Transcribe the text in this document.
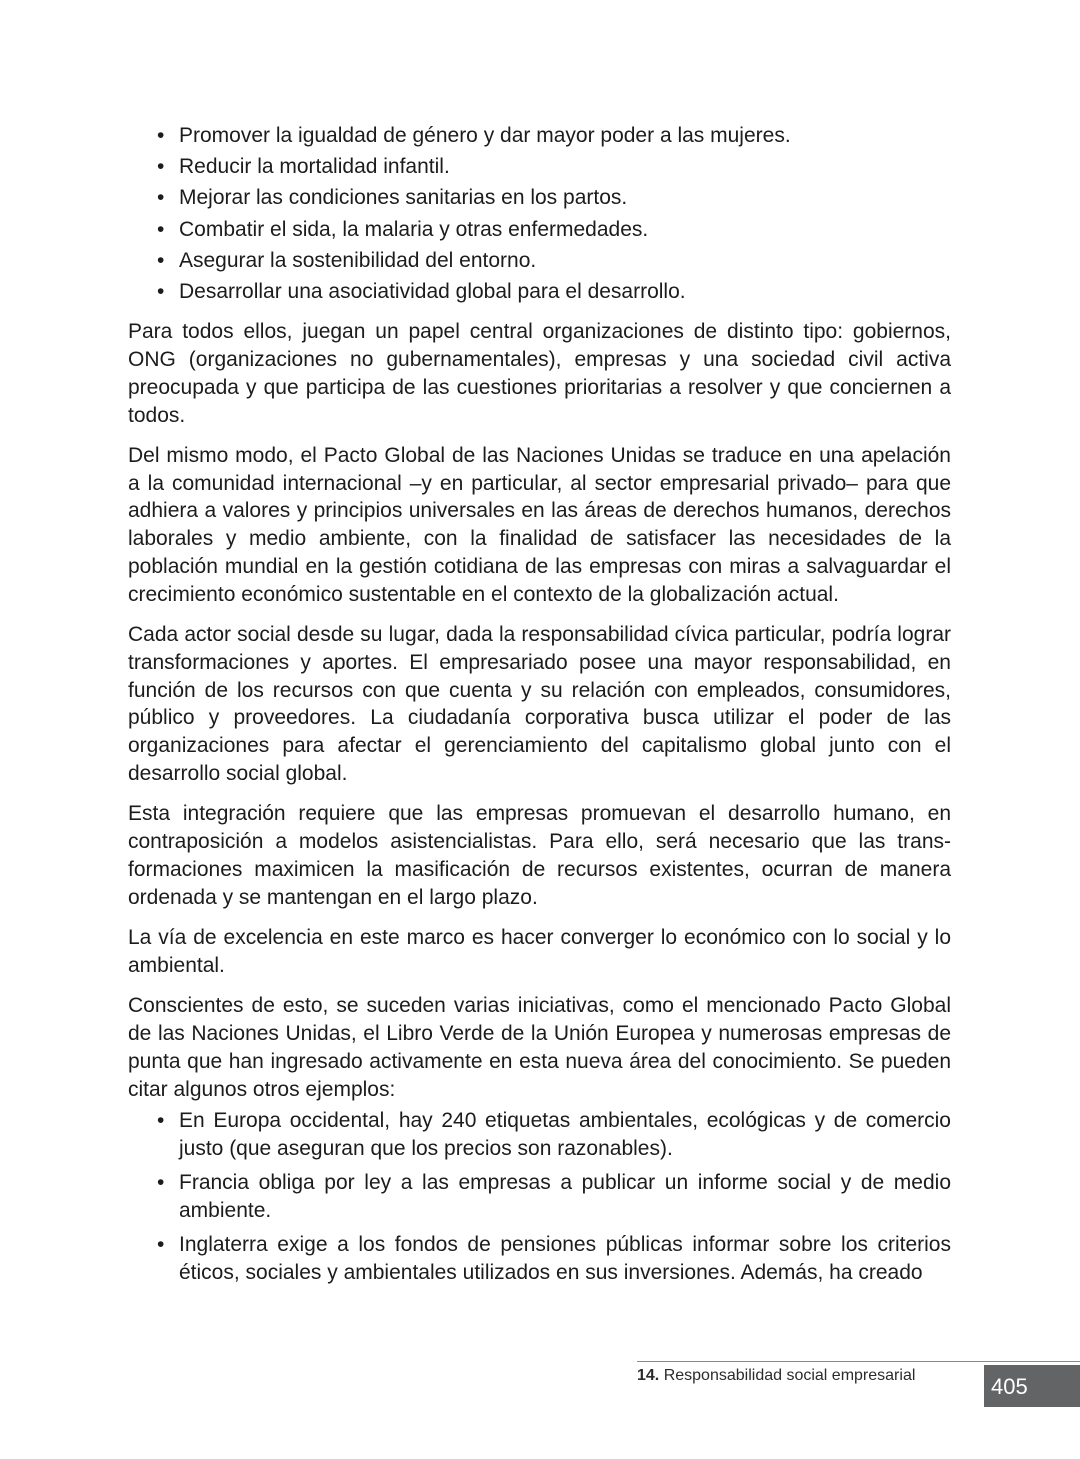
• Promover la igualdad de género y dar mayor poder a las mujeres.
• Reducir la mortalidad infantil.
• Mejorar las condiciones sanitarias en los partos.
• Combatir el sida, la malaria y otras enfermedades.
• Asegurar la sostenibilidad del entorno.
• Desarrollar una asociatividad global para el desarrollo.

Para todos ellos, juegan un papel central organizaciones de distinto tipo: gobiernos, ONG (organizaciones no gubernamentales), empresas y una sociedad civil activa preocupada y que participa de las cuestiones prioritarias a resolver y que conciernen a todos.

Del mismo modo, el Pacto Global de las Naciones Unidas se traduce en una apelación a la comunidad internacional –y en particular, al sector empresarial privado– para que adhiera a valores y principios universales en las áreas de derechos humanos, derechos laborales y medio ambiente, con la finalidad de satisfacer las necesidades de la población mundial en la gestión cotidiana de las empresas con miras a salvaguardar el crecimiento económico sustentable en el contexto de la globalización actual.

Cada actor social desde su lugar, dada la responsabilidad cívica particular, podría lograr transformaciones y aportes. El empresariado posee una mayor responsabilidad, en función de los recursos con que cuenta y su relación con empleados, consumidores, público y proveedores. La ciudadanía corporativa busca utilizar el poder de las organizaciones para afectar el gerenciamiento del capitalismo global junto con el desarrollo social global.

Esta integración requiere que las empresas promuevan el desarrollo humano, en contraposición a modelos asistencialistas. Para ello, será necesario que las transformaciones maximicen la masificación de recursos existentes, ocurran de manera ordenada y se mantengan en el largo plazo.

La vía de excelencia en este marco es hacer converger lo económico con lo social y lo ambiental.

Conscientes de esto, se suceden varias iniciativas, como el mencionado Pacto Global de las Naciones Unidas, el Libro Verde de la Unión Europea y numerosas empresas de punta que han ingresado activamente en esta nueva área del conocimiento. Se pueden citar algunos otros ejemplos:

• En Europa occidental, hay 240 etiquetas ambientales, ecológicas y de comercio justo (que aseguran que los precios son razonables).
• Francia obliga por ley a las empresas a publicar un informe social y de medio ambiente.
• Inglaterra exige a los fondos de pensiones públicas informar sobre los criterios éticos, sociales y ambientales utilizados en sus inversiones. Además, ha creado
14. Responsabilidad social empresarial	405
